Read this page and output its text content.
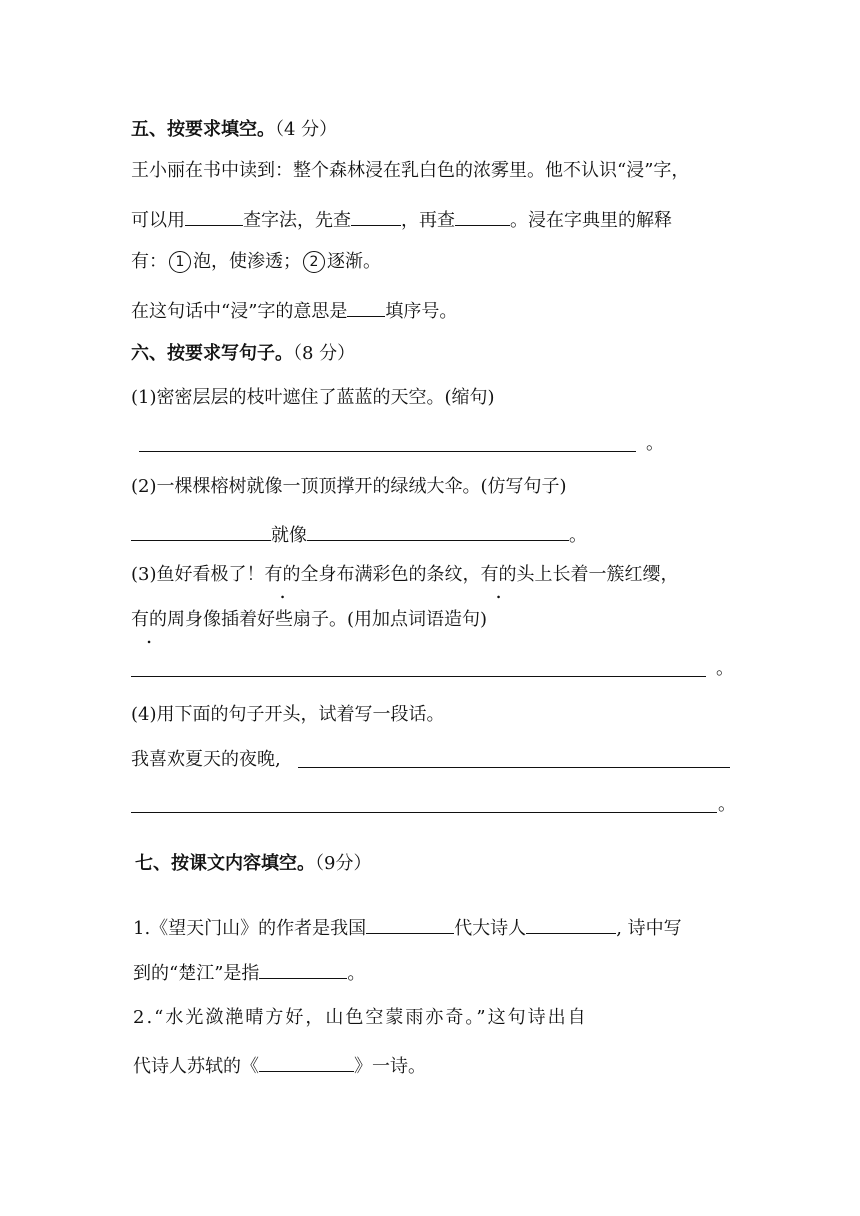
五、按要求填空。（4 分）
王小丽在书中读到：整个森林浸在乳白色的浓雾里。他不认识“浸”字，
可以用	查字法，先查	，再查	。浸在字典里的解释
有： 1 泡，使渗透； 2 逐渐。
在这句话中“浸”字的意思是 填序号。
六、按要求写句子。（8 分）
(1)密密层层的枝叶遮住了蓝蓝的天空。(缩句)
。
(2)一棵棵榕树就像一顶顶撑开的绿绒大伞。(仿写句子)
就像	。
(3)鱼好看极了！有的全身布满彩色的条纹，有的头上长着一簇红缨，
有的周身像插着好些扇子。(用加点词语造句)
。
(4)用下面的句子开头，试着写一段话。
我喜欢夏天的夜晚,
。
七、按课文内容填空。（9分）
1.《望天门山》的作者是我国	代大诗人	, 诗中写
到的“楚江”是指	。
2.“水光潋滟晴方好，山色空蒙雨亦奇。”这句诗出自
代诗人苏轼的《	》一诗。
